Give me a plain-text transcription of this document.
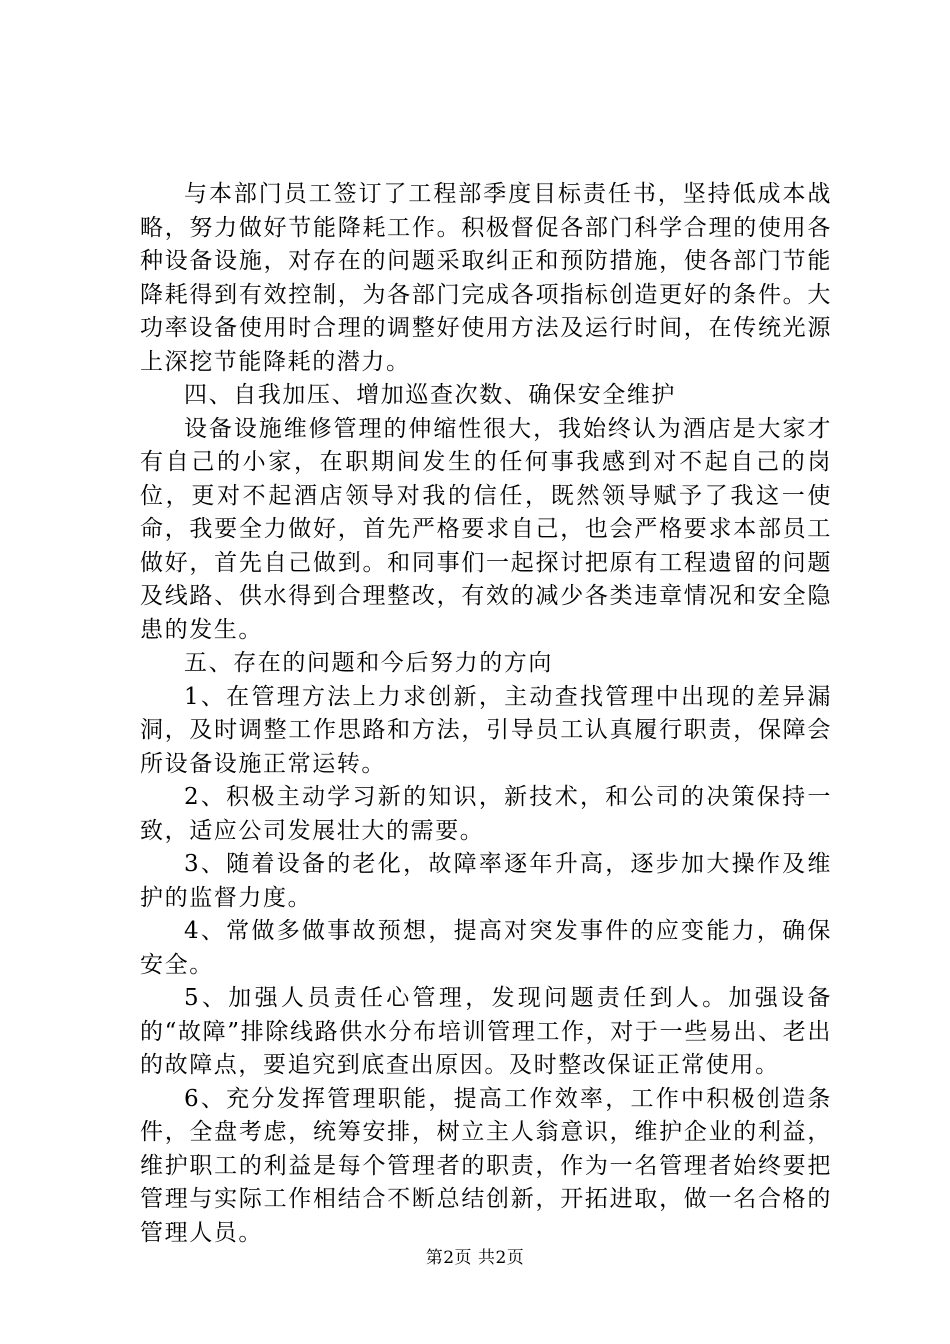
与本部门员工签订了工程部季度目标责任书，坚持低成本战略，努力做好节能降耗工作。积极督促各部门科学合理的使用各种设备设施，对存在的问题采取纠正和预防措施，使各部门节能降耗得到有效控制，为各部门完成各项指标创造更好的条件。大功率设备使用时合理的调整好使用方法及运行时间，在传统光源上深挖节能降耗的潜力。

四、自我加压、增加巡查次数、确保安全维护

设备设施维修管理的伸缩性很大，我始终认为酒店是大家才有自己的小家，在职期间发生的任何事我感到对不起自己的岗位，更对不起酒店领导对我的信任，既然领导赋予了我这一使命，我要全力做好，首先严格要求自己，也会严格要求本部员工做好，首先自己做到。和同事们一起探讨把原有工程遗留的问题及线路、供水得到合理整改，有效的减少各类违章情况和安全隐患的发生。

五、存在的问题和今后努力的方向

1、在管理方法上力求创新，主动查找管理中出现的差异漏洞，及时调整工作思路和方法，引导员工认真履行职责，保障会所设备设施正常运转。

2、积极主动学习新的知识，新技术，和公司的决策保持一致，适应公司发展壮大的需要。

3、随着设备的老化，故障率逐年升高，逐步加大操作及维护的监督力度。

4、常做多做事故预想，提高对突发事件的应变能力，确保安全。

5、加强人员责任心管理，发现问题责任到人。加强设备的“故障”排除线路供水分布培训管理工作，对于一些易出、老出的故障点，要追究到底查出原因。及时整改保证正常使用。

6、充分发挥管理职能，提高工作效率，工作中积极创造条件，全盘考虑，统筹安排，树立主人翁意识，维护企业的利益，维护职工的利益是每个管理者的职责，作为一名管理者始终要把管理与实际工作相结合不断总结创新，开拓进取，做一名合格的管理人员。

第2页 共2页
